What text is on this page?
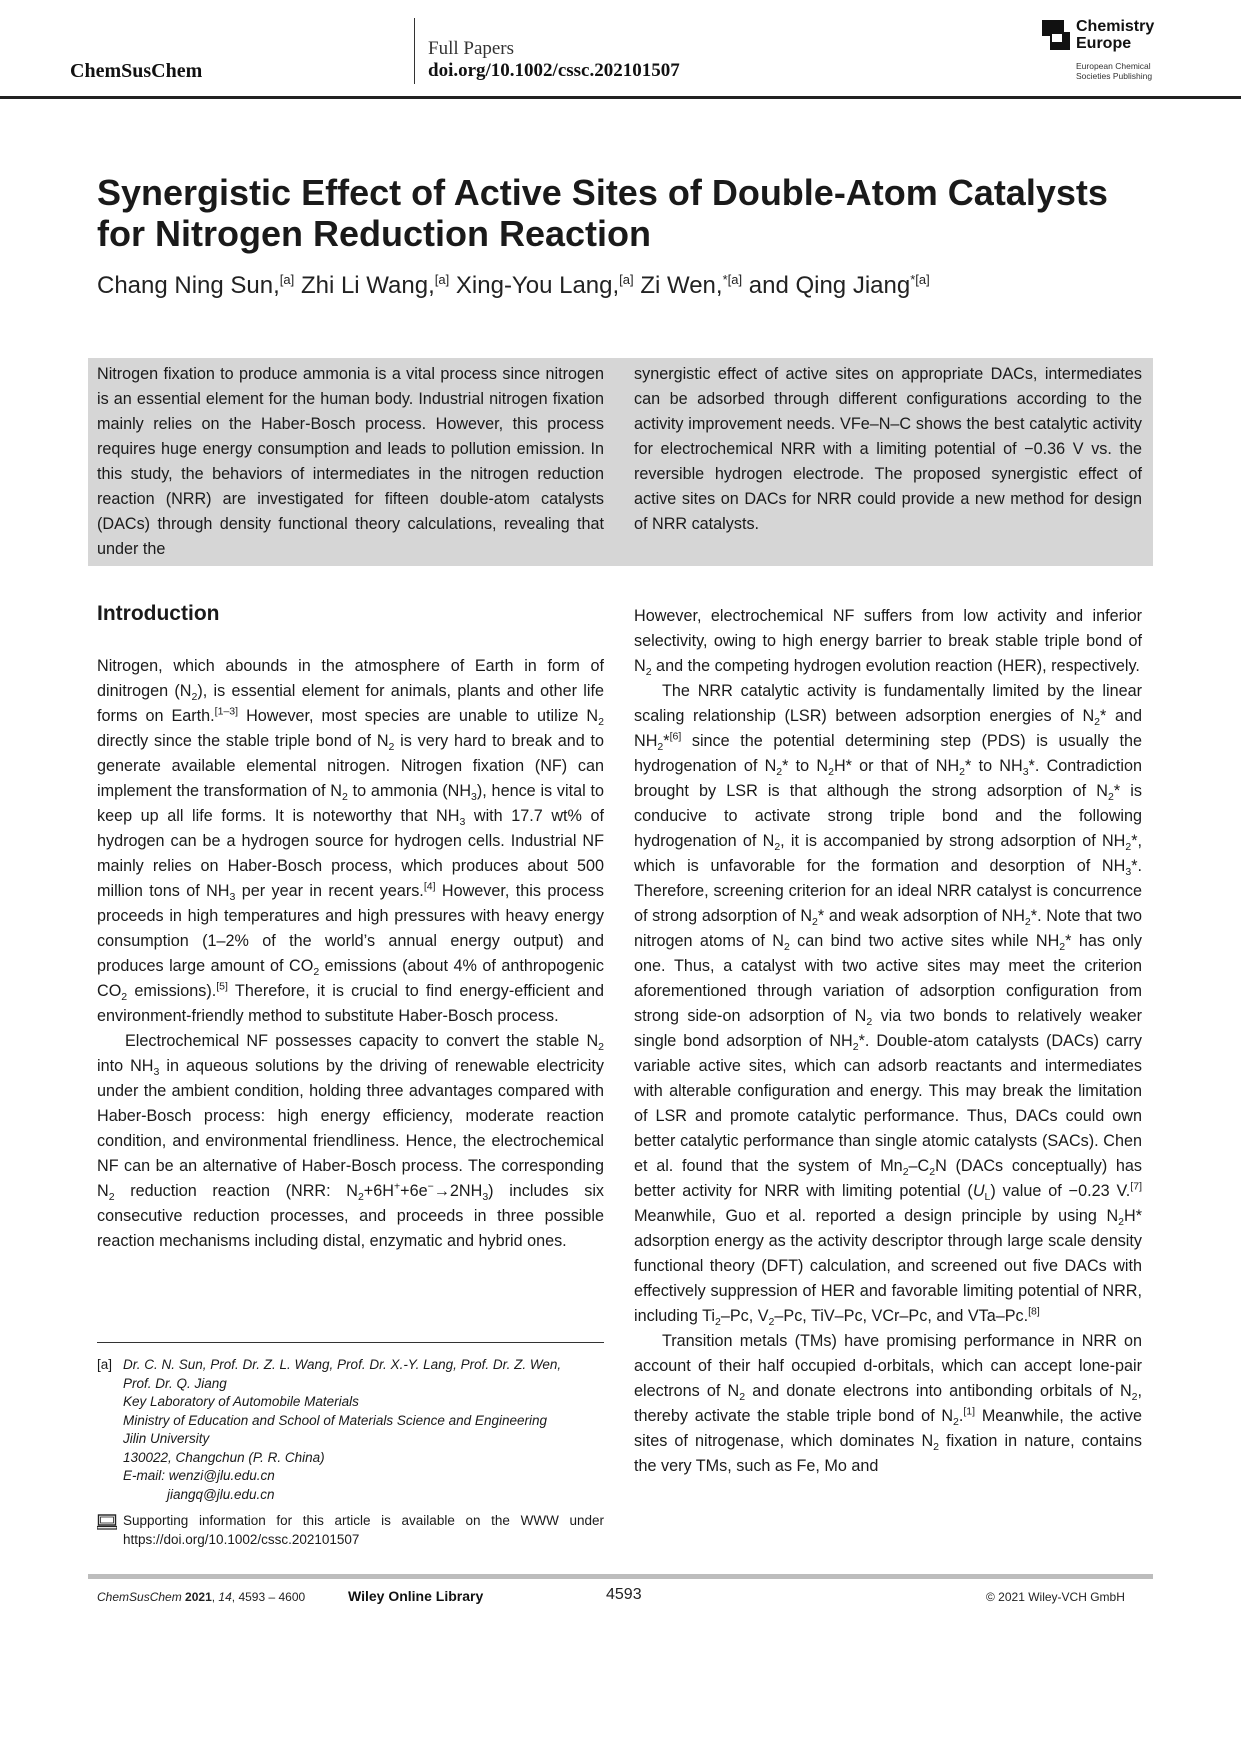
ChemSusChem
Full Papers
doi.org/10.1002/cssc.202101507
Chemistry
Europe
European Chemical
Societies Publishing
Synergistic Effect of Active Sites of Double-Atom Catalysts
for Nitrogen Reduction Reaction
Chang Ning Sun,[a] Zhi Li Wang,[a] Xing-You Lang,[a] Zi Wen,$^{*[a]}$ and Qing Jiang$^{*[a]}$
Nitrogen fixation to produce ammonia is a vital process since nitrogen is an essential element for the human body. Industrial nitrogen fixation mainly relies on the Haber-Bosch process. However, this process requires huge energy consumption and leads to pollution emission. In this study, the behaviors of intermediates in the nitrogen reduction reaction (NRR) are investigated for fifteen double-atom catalysts (DACs) through density functional theory calculations, revealing that under the
synergistic effect of active sites on appropriate DACs, intermediates can be adsorbed through different configurations according to the activity improvement needs. VFe–N–C shows the best catalytic activity for electrochemical NRR with a limiting potential of −0.36 V vs. the reversible hydrogen electrode. The proposed synergistic effect of active sites on DACs for NRR could provide a new method for design of NRR catalysts.
Introduction

Nitrogen, which abounds in the atmosphere of Earth in form of dinitrogen $(N_2)$, is essential element for animals, plants and other life forms on Earth.[1–3] However, most species are unable to utilize $N_2$ directly since the stable triple bond of $N_2$ is very hard to break and to generate available elemental nitrogen. Nitrogen fixation (NF) can implement the transformation of $N_2$ to ammonia $(NH_3)$, hence is vital to keep up all life forms. It is noteworthy that $NH_3$ with 17.7 wt% of hydrogen can be a hydrogen source for hydrogen cells. Industrial NF mainly relies on Haber-Bosch process, which produces about 500 million tons of $NH_3$ per year in recent years.[4] However, this process proceeds in high temperatures and high pressures with heavy energy consumption (1–2% of the world’s annual energy output) and produces large amount of $CO_2$ emissions (about 4% of anthropogenic $CO_2$ emissions).[5] Therefore, it is crucial to find energy-efficient and environment-friendly method to substitute Haber-Bosch process.

Electrochemical NF possesses capacity to convert the stable $N_2$ into $NH_3$ in aqueous solutions by the driving of renewable electricity under the ambient condition, holding three advantages compared with Haber-Bosch process: high energy efficiency, moderate reaction condition, and environmental friendliness. Hence, the electrochemical NF can be an alternative of Haber-Bosch process. The corresponding $N_2$ reduction reaction (NRR: $N_2+6H^++6e^-\to 2NH_3$) includes six consecutive reduction processes, and proceeds in three possible reaction mechanisms including distal, enzymatic and hybrid ones.

[a] Dr. C. N. Sun, Prof. Dr. Z. L. Wang, Prof. Dr. X.-Y. Lang, Prof. Dr. Z. Wen,
Prof. Dr. Q. Jiang
Key Laboratory of Automobile Materials
Ministry of Education and School of Materials Science and Engineering
Jilin University
130022, Changchun (P. R. China)
E-mail: wenzi@jlu.edu.cn
jiangq@jlu.edu.cn
Supporting information for this article is available on the WWW under https://doi.org/10.1002/cssc.202101507

However, electrochemical NF suffers from low activity and inferior selectivity, owing to high energy barrier to break stable triple bond of $N_2$ and the competing hydrogen evolution reaction (HER), respectively.

The NRR catalytic activity is fundamentally limited by the linear scaling relationship (LSR) between adsorption energies of $N_2*$ and $NH_2*[6]$ since the potential determining step (PDS) is usually the hydrogenation of $N_2*$ to $N_2H*$ or that of $NH_2*$ to $NH_3*$. Contradiction brought by LSR is that although the strong adsorption of $N_2*$ is conducive to activate strong triple bond and the following hydrogenation of $N_2$, it is accompanied by strong adsorption of $NH_2*$, which is unfavorable for the formation and desorption of $NH_3*$. Therefore, screening criterion for an ideal NRR catalyst is concurrence of strong adsorption of $N_2*$ and weak adsorption of $NH_2*$. Note that two nitrogen atoms of $N_2$ can bind two active sites while $NH_2*$ has only one. Thus, a catalyst with two active sites may meet the criterion aforementioned through variation of adsorption configuration from strong side-on adsorption of $N_2$ via two bonds to relatively weaker single bond adsorption of $NH_2*$. Double-atom catalysts (DACs) carry variable active sites, which can adsorb reactants and intermediates with alterable configuration and energy. This may break the limitation of LSR and promote catalytic performance. Thus, DACs could own better catalytic performance than single atomic catalysts (SACs). Chen et al. found that the system of $Mn_2-C_2N$ (DACs conceptually) has better activity for NRR with limiting potential $(U_L)$ value of −0.23 V.[7] Meanwhile, Guo et al. reported a design principle by using $N_2H*$ adsorption energy as the activity descriptor through large scale density functional theory (DFT) calculation, and screened out five DACs with effectively suppression of HER and favorable limiting potential of NRR, including $Ti_2-Pc$, $V_2-Pc$, TiV–Pc, VCr–Pc, and VTa–Pc.[8]

Transition metals (TMs) have promising performance in NRR on account of their half occupied d-orbitals, which can accept lone-pair electrons of $N_2$ and donate electrons into antibonding orbitals of $N_2$, thereby activate the stable triple bond of $N_2.[1]$ Meanwhile, the active sites of nitrogenase, which dominates $N_2$ fixation in nature, contains the very TMs, such as Fe, Mo and

ChemSusChem 2021, 14, 4593 – 4600	Wiley Online Library	4593	© 2021 Wiley-VCH GmbH
